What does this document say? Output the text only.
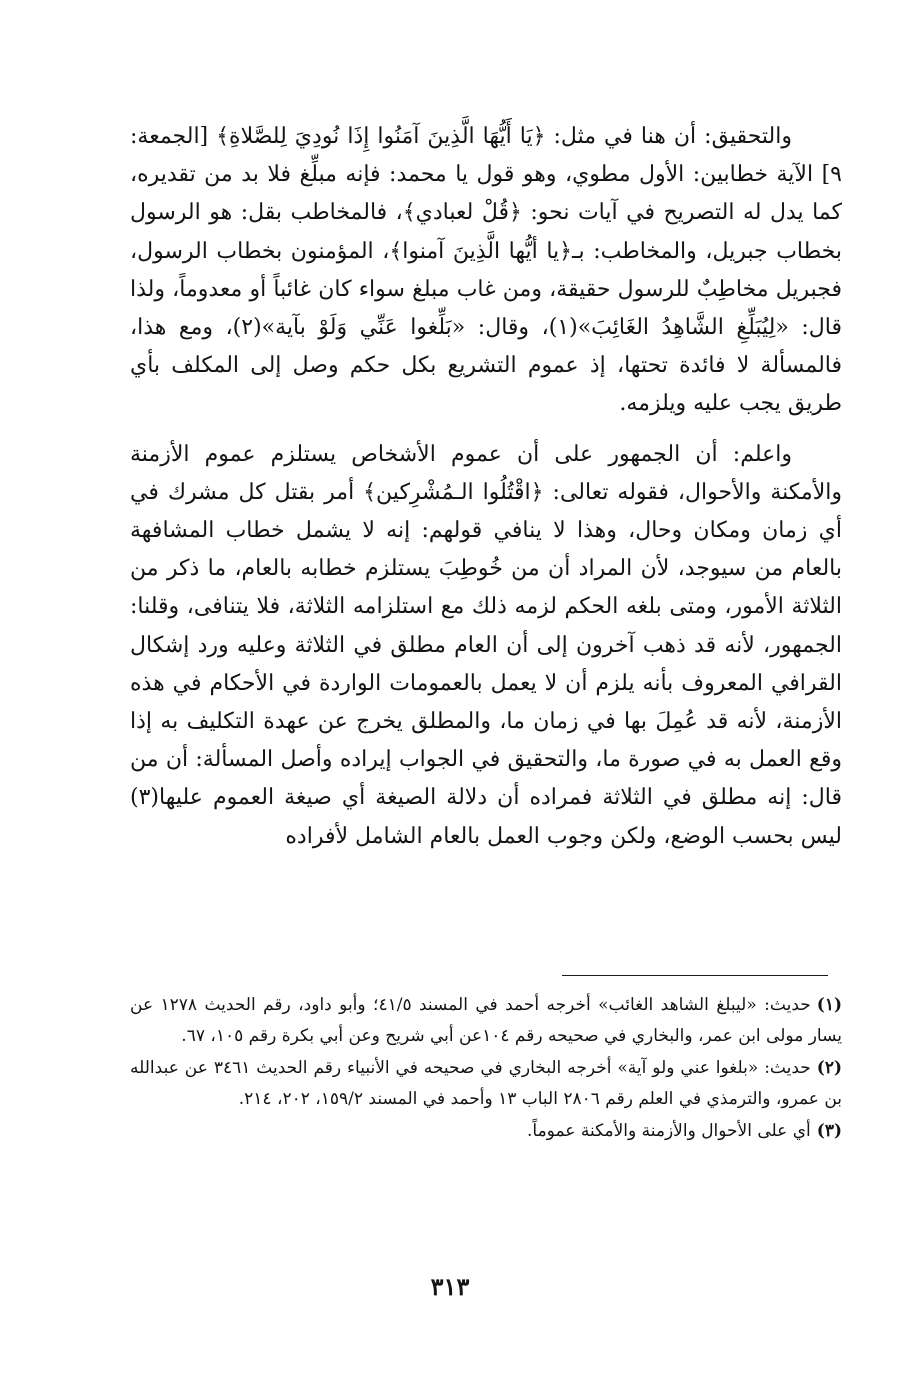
والتحقيق: أن هنا في مثل: ﴿يَا أَيُّهَا الَّذِينَ آمَنُوا إِذَا نُودِيَ لِلصَّلاةِ﴾ [الجمعة: ٩] الآية خطابين: الأول مطوي، وهو قول يا محمد: فإنه مبلِّغ فلا بد من تقديره، كما يدل له التصريح في آيات نحو: ﴿قُلْ لعبادي﴾، فالمخاطب بقل: هو الرسول بخطاب جبريل، والمخاطب: بـ﴿يا أيُّها الَّذِينَ آمنوا﴾، المؤمنون بخطاب الرسول، فجبريل مخاطِبٌ للرسول حقيقة، ومن غاب مبلغ سواء كان غائباً أو معدوماً، ولذا قال: «لِيُبَلِّغِ الشَّاهِدُ الغَائِبَ»(١)، وقال: «بَلِّغوا عَنِّي وَلَوْ بآية»(٢)، ومع هذا، فالمسألة لا فائدة تحتها، إذ عموم التشريع بكل حكم وصل إلى المكلف بأي طريق يجب عليه ويلزمه.

واعلم: أن الجمهور على أن عموم الأشخاص يستلزم عموم الأزمنة والأمكنة والأحوال، فقوله تعالى: ﴿اقْتُلُوا الـمُشْرِكين﴾ أمر بقتل كل مشرك في أي زمان ومكان وحال، وهذا لا ينافي قولهم: إنه لا يشمل خطاب المشافهة بالعام من سيوجد، لأن المراد أن من خُوطِبَ يستلزم خطابه بالعام، ما ذكر من الثلاثة الأمور، ومتى بلغه الحكم لزمه ذلك مع استلزامه الثلاثة، فلا يتنافى، وقلنا: الجمهور، لأنه قد ذهب آخرون إلى أن العام مطلق في الثلاثة وعليه ورد إشكال القرافي المعروف بأنه يلزم أن لا يعمل بالعمومات الواردة في الأحكام في هذه الأزمنة، لأنه قد عُمِلَ بها في زمان ما، والمطلق يخرج عن عهدة التكليف به إذا وقع العمل به في صورة ما، والتحقيق في الجواب إيراده وأصل المسألة: أن من قال: إنه مطلق في الثلاثة فمراده أن دلالة الصيغة أي صيغة العموم عليها(٣) ليس بحسب الوضع، ولكن وجوب العمل بالعام الشامل لأفراده

(١)حديث: «ليبلغ الشاهد الغائب» أخرجه أحمد في المسند ٤١/٥؛ وأبو داود، رقم الحديث ١٢٧٨ عن يسار مولى ابن عمر، والبخاري في صحيحه رقم ١٠٤عن أبي شريح وعن أبي بكرة رقم ١٠٥، ٦٧.

(٢)حديث: «بلغوا عني ولو آية» أخرجه البخاري في صحيحه في الأنبياء رقم الحديث ٣٤٦١ عن عبدالله بن عمرو، والترمذي في العلم رقم ٢٨٠٦ الباب ١٣ وأحمد في المسند ١٥٩/٢، ٢٠٢، ٢١٤.

(٣)أي على الأحوال والأزمنة والأمكنة عموماً.

٣١٣
